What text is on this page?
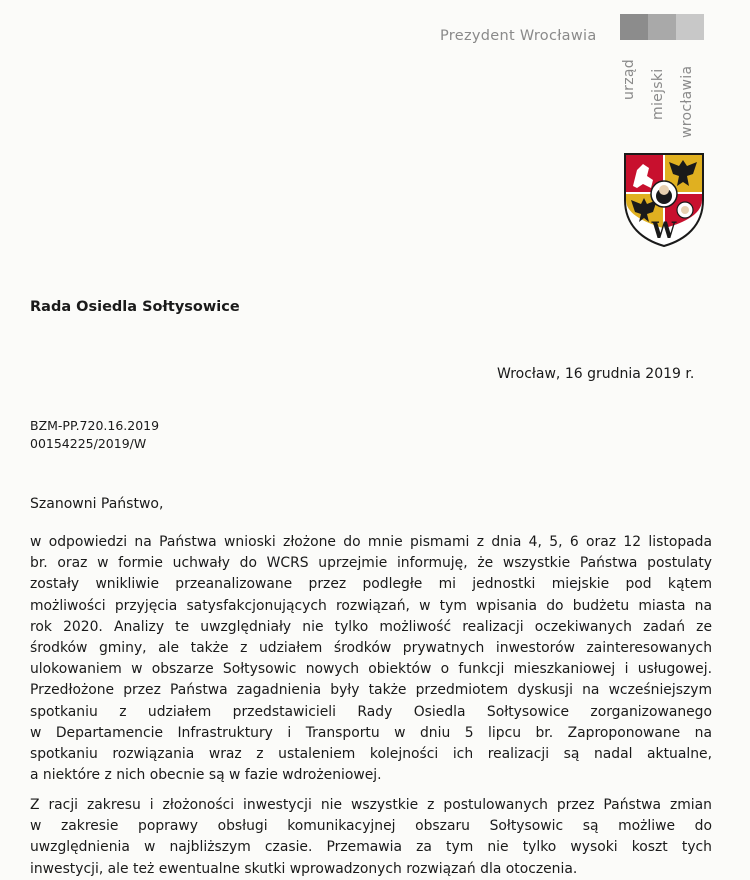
Prezydent Wrocławia
urząd miejski wrocławia
W
Rada Osiedla Sołtysowice
Wrocław, 16 grudnia 2019 r.
BZM-PP.720.16.2019
00154225/2019/W
Szanowni Państwo,
w odpowiedzi na Państwa wnioski złożone do mnie pismami z dnia 4, 5, 6 oraz 12 listopada
br. oraz w formie uchwały do WCRS uprzejmie informuję, że wszystkie Państwa postulaty
zostały wnikliwie przeanalizowane przez podległe mi jednostki miejskie pod kątem
możliwości przyjęcia satysfakcjonujących rozwiązań, w tym wpisania do budżetu miasta na
rok 2020. Analizy te uwzględniały nie tylko możliwość realizacji oczekiwanych zadań ze
środków gminy, ale także z udziałem środków prywatnych inwestorów zainteresowanych
ulokowaniem w obszarze Sołtysowic nowych obiektów o funkcji mieszkaniowej i usługowej.
Przedłożone przez Państwa zagadnienia były także przedmiotem dyskusji na wcześniejszym
spotkaniu z udziałem przedstawicieli Rady Osiedla Sołtysowice zorganizowanego
w Departamencie Infrastruktury i Transportu w dniu 5 lipcu br. Zaproponowane na
spotkaniu rozwiązania wraz z ustaleniem kolejności ich realizacji są nadal aktualne,
a niektóre z nich obecnie są w fazie wdrożeniowej.
Z racji zakresu i złożoności inwestycji nie wszystkie z postulowanych przez Państwa zmian
w zakresie poprawy obsługi komunikacyjnej obszaru Sołtysowic są możliwe do
uwzględnienia w najbliższym czasie. Przemawia za tym nie tylko wysoki koszt tych
inwestycji, ale też ewentualne skutki wprowadzonych rozwiązań dla otoczenia.
